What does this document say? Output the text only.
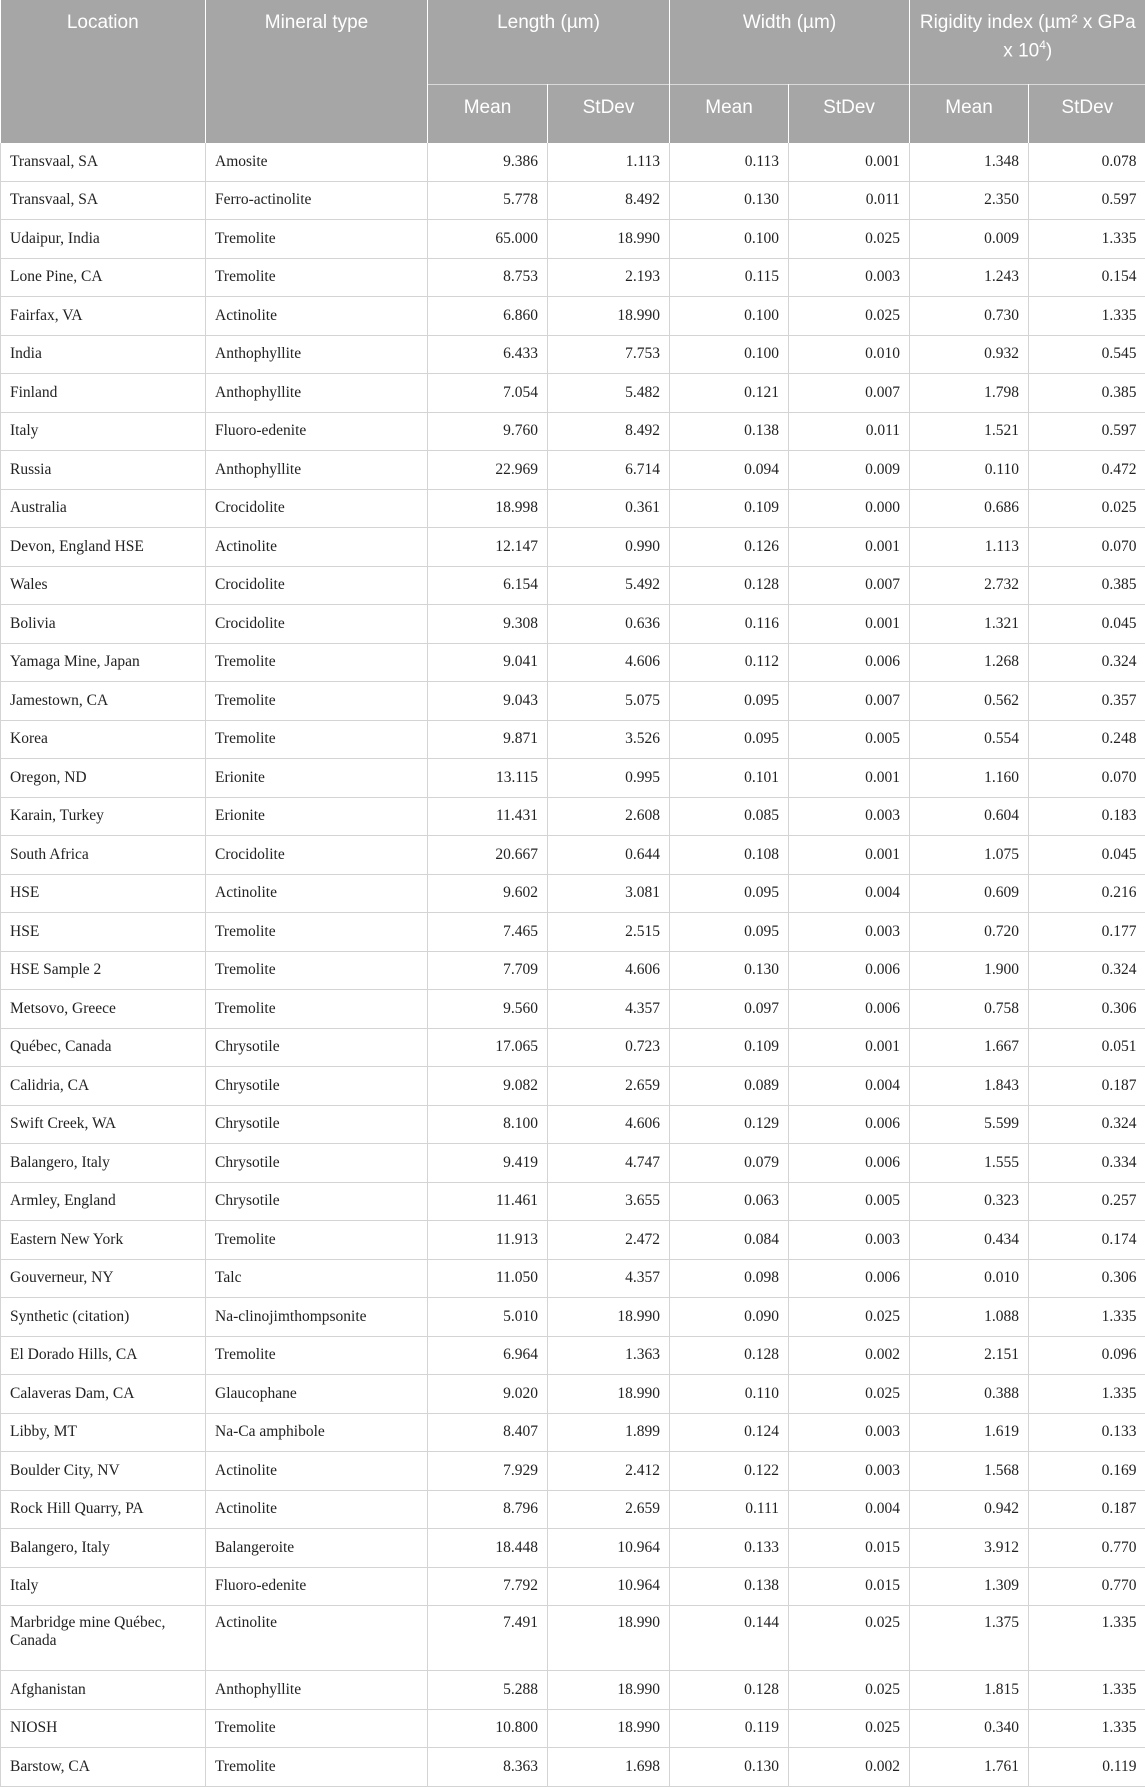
Location	Mineral type	Length (µm)		Width (µm)		Rigidity index (µm² x GPa x $10^4$)	
		Mean	StDev	Mean	StDev	Mean	StDev
Transvaal, SA	Amosite	9.386	1.113	0.113	0.001	1.348	0.078
Transvaal, SA	Ferro-actinolite	5.778	8.492	0.130	0.011	2.350	0.597
Udaipur, India	Tremolite	65.000	18.990	0.100	0.025	0.009	1.335
Lone Pine, CA	Tremolite	8.753	2.193	0.115	0.003	1.243	0.154
Fairfax, VA	Actinolite	6.860	18.990	0.100	0.025	0.730	1.335
India	Anthophyllite	6.433	7.753	0.100	0.010	0.932	0.545
Finland	Anthophyllite	7.054	5.482	0.121	0.007	1.798	0.385
Italy	Fluoro-edenite	9.760	8.492	0.138	0.011	1.521	0.597
Russia	Anthophyllite	22.969	6.714	0.094	0.009	0.110	0.472
Australia	Crocidolite	18.998	0.361	0.109	0.000	0.686	0.025
Devon, England HSE	Actinolite	12.147	0.990	0.126	0.001	1.113	0.070
Wales	Crocidolite	6.154	5.492	0.128	0.007	2.732	0.385
Bolivia	Crocidolite	9.308	0.636	0.116	0.001	1.321	0.045
Yamaga Mine, Japan	Tremolite	9.041	4.606	0.112	0.006	1.268	0.324
Jamestown, CA	Tremolite	9.043	5.075	0.095	0.007	0.562	0.357
Korea	Tremolite	9.871	3.526	0.095	0.005	0.554	0.248
Oregon, ND	Erionite	13.115	0.995	0.101	0.001	1.160	0.070
Karain, Turkey	Erionite	11.431	2.608	0.085	0.003	0.604	0.183
South Africa	Crocidolite	20.667	0.644	0.108	0.001	1.075	0.045
HSE	Actinolite	9.602	3.081	0.095	0.004	0.609	0.216
HSE	Tremolite	7.465	2.515	0.095	0.003	0.720	0.177
HSE Sample 2	Tremolite	7.709	4.606	0.130	0.006	1.900	0.324
Metsovo, Greece	Tremolite	9.560	4.357	0.097	0.006	0.758	0.306
Québec, Canada	Chrysotile	17.065	0.723	0.109	0.001	1.667	0.051
Calidria, CA	Chrysotile	9.082	2.659	0.089	0.004	1.843	0.187
Swift Creek, WA	Chrysotile	8.100	4.606	0.129	0.006	5.599	0.324
Balangero, Italy	Chrysotile	9.419	4.747	0.079	0.006	1.555	0.334
Armley, England	Chrysotile	11.461	3.655	0.063	0.005	0.323	0.257
Eastern New York	Tremolite	11.913	2.472	0.084	0.003	0.434	0.174
Gouverneur, NY	Talc	11.050	4.357	0.098	0.006	0.010	0.306
Synthetic (citation)	Na-clinojimthompsonite	5.010	18.990	0.090	0.025	1.088	1.335
El Dorado Hills, CA	Tremolite	6.964	1.363	0.128	0.002	2.151	0.096
Calaveras Dam, CA	Glaucophane	9.020	18.990	0.110	0.025	0.388	1.335
Libby, MT	Na-Ca amphibole	8.407	1.899	0.124	0.003	1.619	0.133
Boulder City, NV	Actinolite	7.929	2.412	0.122	0.003	1.568	0.169
Rock Hill Quarry, PA	Actinolite	8.796	2.659	0.111	0.004	0.942	0.187
Balangero, Italy	Balangeroite	18.448	10.964	0.133	0.015	3.912	0.770
Italy	Fluoro-edenite	7.792	10.964	0.138	0.015	1.309	0.770
Marbridge mine Québec, Canada	Actinolite	7.491	18.990	0.144	0.025	1.375	1.335
Afghanistan	Anthophyllite	5.288	18.990	0.128	0.025	1.815	1.335
NIOSH	Tremolite	10.800	18.990	0.119	0.025	0.340	1.335
Barstow, CA	Tremolite	8.363	1.698	0.130	0.002	1.761	0.119
